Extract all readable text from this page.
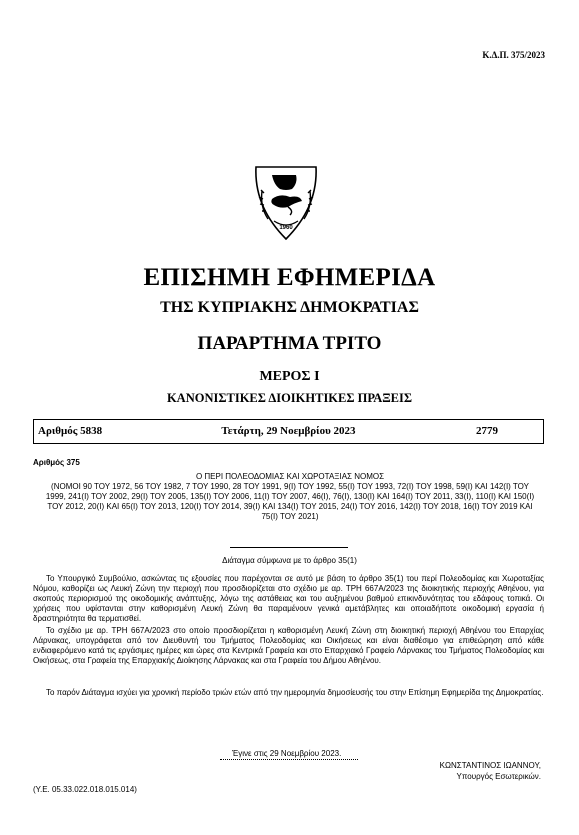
Κ.Δ.Π. 375/2023
1960
ΕΠΙΣΗΜΗ ΕΦΗΜΕΡΙΔΑ
ΤΗΣ ΚΥΠΡΙΑΚΗΣ ΔΗΜΟΚΡΑΤΙΑΣ
ΠΑΡΑΡΤΗΜΑ ΤΡΙΤΟ
ΜΕΡΟΣ Ι
ΚΑΝΟΝΙΣΤΙΚΕΣ ΔΙΟΙΚΗΤΙΚΕΣ ΠΡΑΞΕΙΣ
Τετάρτη, 29 Νοεμβρίου 2023
Αριθμός 5838	2779
Αριθμός 375
Ο ΠΕΡΙ ΠΟΛΕΟΔΟΜΙΑΣ ΚΑΙ ΧΩΡΟΤΑΞΙΑΣ ΝΟΜΟΣ
(ΝΟΜΟΙ 90 ΤΟΥ 1972, 56 ΤΟΥ 1982, 7 ΤΟΥ 1990, 28 ΤΟΥ 1991, 9(Ι) ΤΟΥ 1992, 55(Ι) ΤΟΥ 1993, 72(Ι) ΤΟΥ 1998, 59(Ι) ΚΑΙ 142(Ι) ΤΟΥ 1999, 241(Ι) ΤΟΥ 2002, 29(Ι) ΤΟΥ 2005, 135(Ι) ΤΟΥ 2006, 11(Ι) ΤΟΥ 2007, 46(Ι), 76(Ι), 130(Ι) ΚΑΙ 164(Ι) ΤΟΥ 2011, 33(Ι), 110(Ι) ΚΑΙ 150(Ι) ΤΟΥ 2012, 20(Ι) ΚΑΙ 65(Ι) ΤΟΥ 2013, 120(Ι) ΤΟΥ 2014, 39(Ι) ΚΑΙ 134(Ι) ΤΟΥ 2015, 24(Ι) ΤΟΥ 2016, 142(Ι) ΤΟΥ 2018, 16(Ι) ΤΟΥ 2019 ΚΑΙ 75(Ι) ΤΟΥ 2021)
Διάταγμα σύμφωνα με το άρθρο 35(1)

Το Υπουργικό Συμβούλιο, ασκώντας τις εξουσίες που παρέχονται σε αυτό με βάση το άρθρο 35(1) του περί Πολεοδομίας και Χωροταξίας Νόμου, καθορίζει ως Λευκή Ζώνη την περιοχή που προσδιορίζεται στο σχέδιο με αρ. ΤΡΗ 667Α/2023 της διοικητικής περιοχής Αθηένου, για σκοπούς περιορισμού της οικοδομικής ανάπτυξης, λόγω της αστάθειας και του αυξημένου βαθμού επικινδυνότητας του εδάφους τοπικά. Οι χρήσεις που υφίστανται στην καθορισμένη Λευκή Ζώνη θα παραμένουν γενικά αμετάβλητες και οποιαδήποτε οικοδομική εργασία ή δραστηριότητα θα τερματισθεί.

Το σχέδιο με αρ. ΤΡΗ 667Α/2023 στο οποίο προσδιορίζεται η καθορισμένη Λευκή Ζώνη στη διοικητική περιοχή Αθηένου του Επαρχίας Λάρνακας, υπογράφεται από τον Διευθυντή του Τμήματος Πολεοδομίας και Οικήσεως και είναι διαθέσιμο για επιθεώρηση από κάθε ενδιαφερόμενο κατά τις εργάσιμες ημέρες και ώρες στα Κεντρικά Γραφεία και στο Επαρχιακό Γραφείο Λάρνακας του Τμήματος Πολεοδομίας και Οικήσεως, στα Γραφεία της Επαρχιακής Διοίκησης Λάρνακας και στα Γραφεία του Δήμου Αθηένου.

Το παρόν Διάταγμα ισχύει για χρονική περίοδο τριών ετών από την ημερομηνία δημοσίευσής του στην Επίσημη Εφημερίδα της Δημοκρατίας.

Έγινε στις 29 Νοεμβρίου 2023.
ΚΩΝΣΤΑΝΤΙΝΟΣ ΙΩΑΝΝΟΥ,
Υπουργός Εσωτερικών.
(Υ.Ε. 05.33.022.018.015.014)
